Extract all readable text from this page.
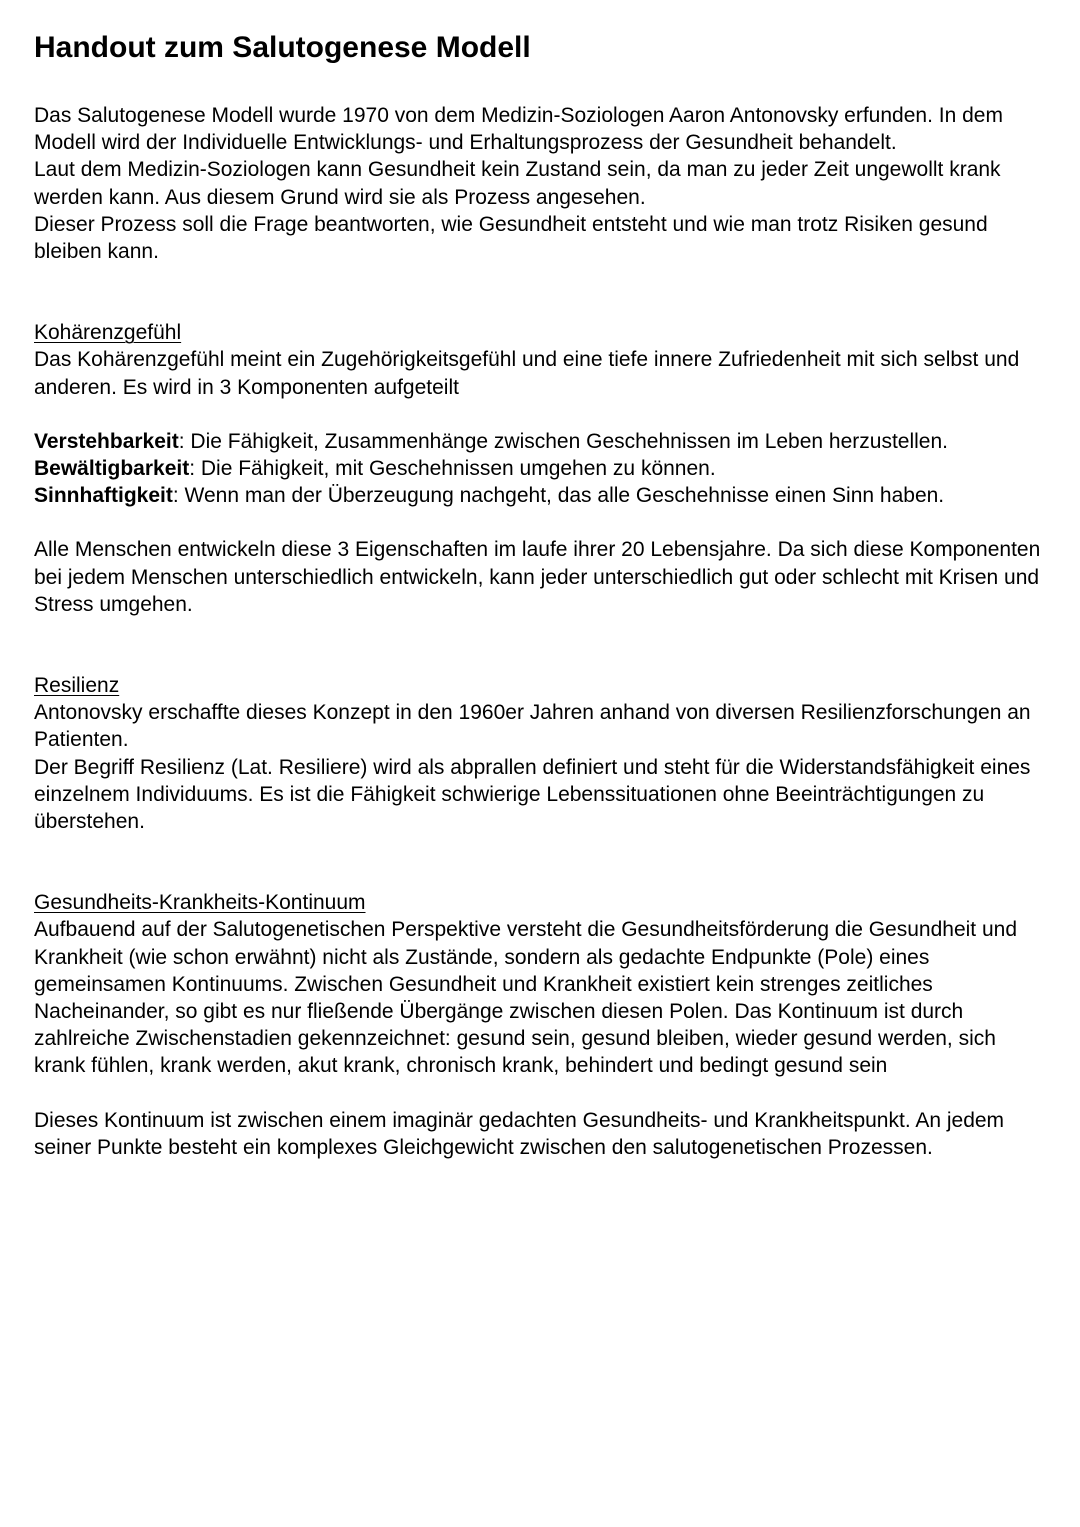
Handout zum Salutogenese Modell

Das Salutogenese Modell wurde 1970 von dem Medizin-Soziologen Aaron Antonovsky erfunden. In dem Modell wird der Individuelle Entwicklungs- und Erhaltungsprozess der Gesundheit behandelt.

Laut dem Medizin-Soziologen kann Gesundheit kein Zustand sein, da man zu jeder Zeit ungewollt krank werden kann. Aus diesem Grund wird sie als Prozess angesehen.

Dieser Prozess soll die Frage beantworten, wie Gesundheit entsteht und wie man trotz Risiken gesund bleiben kann.

Kohärenzgefühl

Das Kohärenzgefühl meint ein Zugehörigkeitsgefühl und eine tiefe innere Zufriedenheit mit sich selbst und anderen. Es wird in 3 Komponenten aufgeteilt

Verstehbarkeit: Die Fähigkeit, Zusammenhänge zwischen Geschehnissen im Leben herzustellen.

Bewältigbarkeit: Die Fähigkeit, mit Geschehnissen umgehen zu können.

Sinnhaftigkeit: Wenn man der Überzeugung nachgeht, das alle Geschehnisse einen Sinn haben.

Alle Menschen entwickeln diese 3 Eigenschaften im laufe ihrer 20 Lebensjahre. Da sich diese Komponenten bei jedem Menschen unterschiedlich entwickeln, kann jeder unterschiedlich gut oder schlecht mit Krisen und Stress umgehen.

Resilienz

Antonovsky erschaffte dieses Konzept in den 1960er Jahren anhand von diversen Resilienzforschungen an Patienten.

Der Begriff Resilienz (Lat. Resiliere) wird als abprallen definiert und steht für die Widerstandsfähigkeit eines einzelnem Individuums. Es ist die Fähigkeit schwierige Lebenssituationen ohne Beeinträchtigungen zu überstehen.

Gesundheits-Krankheits-Kontinuum

Aufbauend auf der Salutogenetischen Perspektive versteht die Gesundheitsförderung die Gesundheit und Krankheit (wie schon erwähnt) nicht als Zustände, sondern als gedachte Endpunkte (Pole) eines gemeinsamen Kontinuums. Zwischen Gesundheit und Krankheit existiert kein strenges zeitliches Nacheinander, so gibt es nur fließende Übergänge zwischen diesen Polen. Das Kontinuum ist durch zahlreiche Zwischenstadien gekennzeichnet: gesund sein, gesund bleiben, wieder gesund werden, sich krank fühlen, krank werden, akut krank, chronisch krank, behindert und bedingt gesund sein

Dieses Kontinuum ist zwischen einem imaginär gedachten Gesundheits- und Krankheitspunkt. An jedem seiner Punkte besteht ein komplexes Gleichgewicht zwischen den salutogenetischen Prozessen.
